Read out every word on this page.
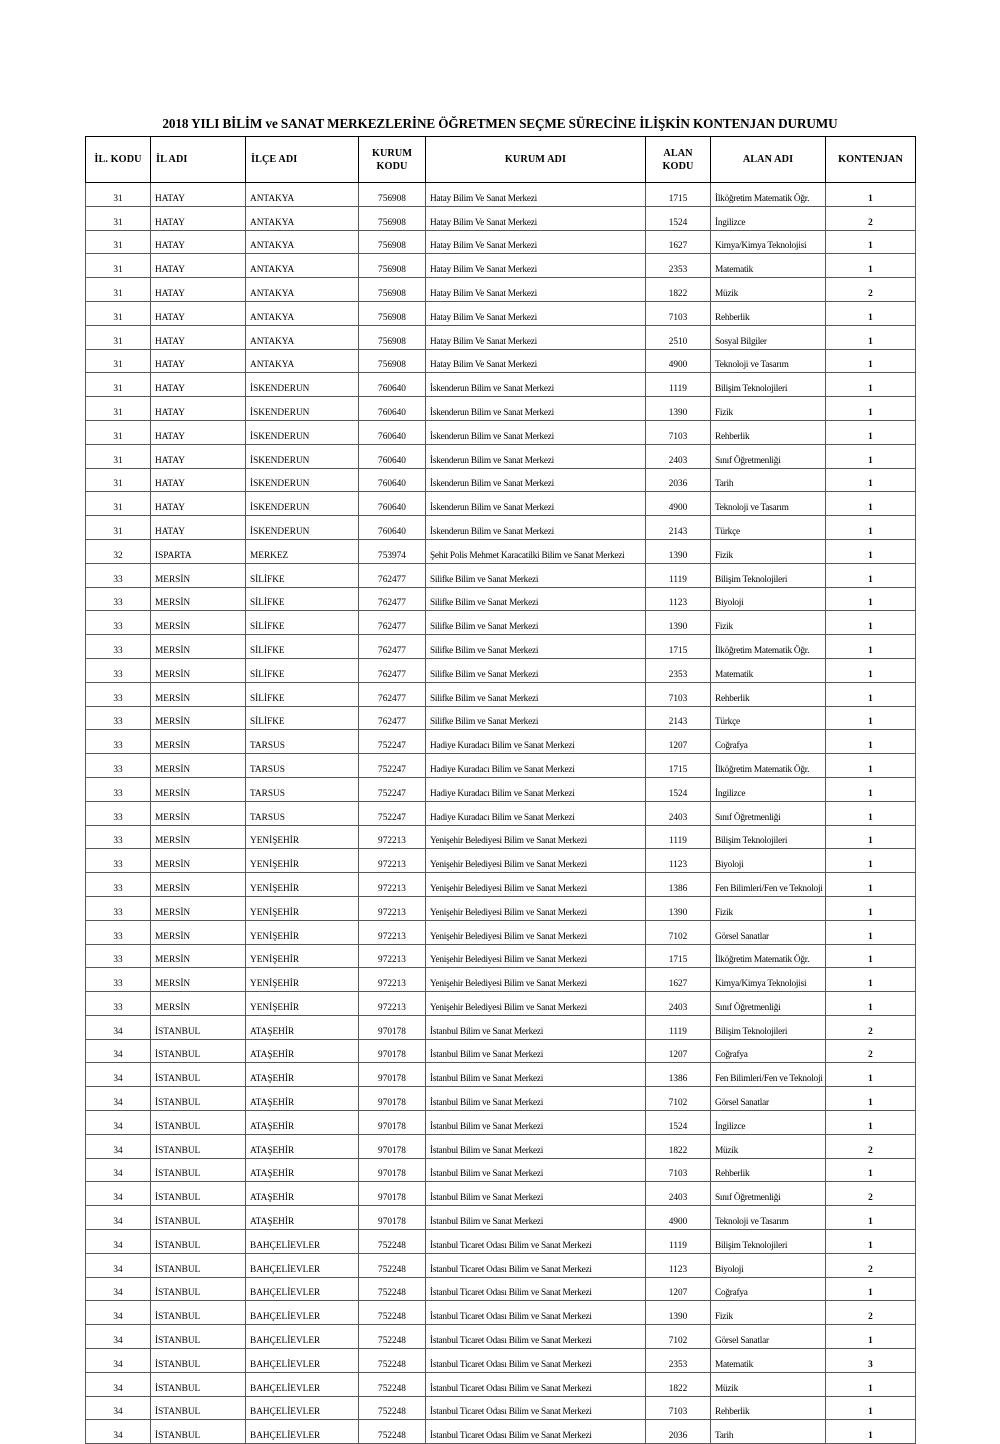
2018 YILI BİLİM ve SANAT MERKEZLERİNE ÖĞRETMEN SEÇME SÜRECİNE İLİŞKİN KONTENJAN DURUMU
İL. KODU	İL ADI	İLÇE ADI	KURUM KODU	KURUM ADI	ALAN KODU	ALAN ADI	KONTENJAN
31	HATAY	ANTAKYA	756908	Hatay Bilim Ve Sanat Merkezi	1715	İlköğretim Matematik Öğr.	1
31	HATAY	ANTAKYA	756908	Hatay Bilim Ve Sanat Merkezi	1524	İngilizce	2
31	HATAY	ANTAKYA	756908	Hatay Bilim Ve Sanat Merkezi	1627	Kimya/Kimya Teknolojisi	1
31	HATAY	ANTAKYA	756908	Hatay Bilim Ve Sanat Merkezi	2353	Matematik	1
31	HATAY	ANTAKYA	756908	Hatay Bilim Ve Sanat Merkezi	1822	Müzik	2
31	HATAY	ANTAKYA	756908	Hatay Bilim Ve Sanat Merkezi	7103	Rehberlik	1
31	HATAY	ANTAKYA	756908	Hatay Bilim Ve Sanat Merkezi	2510	Sosyal Bilgiler	1
31	HATAY	ANTAKYA	756908	Hatay Bilim Ve Sanat Merkezi	4900	Teknoloji ve Tasarım	1
31	HATAY	İSKENDERUN	760640	İskenderun Bilim ve Sanat Merkezi	1119	Bilişim Teknolojileri	1
31	HATAY	İSKENDERUN	760640	İskenderun Bilim ve Sanat Merkezi	1390	Fizik	1
31	HATAY	İSKENDERUN	760640	İskenderun Bilim ve Sanat Merkezi	7103	Rehberlik	1
31	HATAY	İSKENDERUN	760640	İskenderun Bilim ve Sanat Merkezi	2403	Sınıf Öğretmenliği	1
31	HATAY	İSKENDERUN	760640	İskenderun Bilim ve Sanat Merkezi	2036	Tarih	1
31	HATAY	İSKENDERUN	760640	İskenderun Bilim ve Sanat Merkezi	4900	Teknoloji ve Tasarım	1
31	HATAY	İSKENDERUN	760640	İskenderun Bilim ve Sanat Merkezi	2143	Türkçe	1
32	ISPARTA	MERKEZ	753974	Şehit Polis Mehmet Karacatilki Bilim ve Sanat Merkezi	1390	Fizik	1
33	MERSİN	SİLİFKE	762477	Silifke Bilim ve Sanat Merkezi	1119	Bilişim Teknolojileri	1
33	MERSİN	SİLİFKE	762477	Silifke Bilim ve Sanat Merkezi	1123	Biyoloji	1
33	MERSİN	SİLİFKE	762477	Silifke Bilim ve Sanat Merkezi	1390	Fizik	1
33	MERSİN	SİLİFKE	762477	Silifke Bilim ve Sanat Merkezi	1715	İlköğretim Matematik Öğr.	1
33	MERSİN	SİLİFKE	762477	Silifke Bilim ve Sanat Merkezi	2353	Matematik	1
33	MERSİN	SİLİFKE	762477	Silifke Bilim ve Sanat Merkezi	7103	Rehberlik	1
33	MERSİN	SİLİFKE	762477	Silifke Bilim ve Sanat Merkezi	2143	Türkçe	1
33	MERSİN	TARSUS	752247	Hadiye Kuradacı Bilim ve Sanat Merkezi	1207	Coğrafya	1
33	MERSİN	TARSUS	752247	Hadiye Kuradacı Bilim ve Sanat Merkezi	1715	İlköğretim Matematik Öğr.	1
33	MERSİN	TARSUS	752247	Hadiye Kuradacı Bilim ve Sanat Merkezi	1524	İngilizce	1
33	MERSİN	TARSUS	752247	Hadiye Kuradacı Bilim ve Sanat Merkezi	2403	Sınıf Öğretmenliği	1
33	MERSİN	YENİŞEHİR	972213	Yenişehir Belediyesi Bilim ve Sanat Merkezi	1119	Bilişim Teknolojileri	1
33	MERSİN	YENİŞEHİR	972213	Yenişehir Belediyesi Bilim ve Sanat Merkezi	1123	Biyoloji	1
33	MERSİN	YENİŞEHİR	972213	Yenişehir Belediyesi Bilim ve Sanat Merkezi	1386	Fen Bilimleri/Fen ve Teknoloji	1
33	MERSİN	YENİŞEHİR	972213	Yenişehir Belediyesi Bilim ve Sanat Merkezi	1390	Fizik	1
33	MERSİN	YENİŞEHİR	972213	Yenişehir Belediyesi Bilim ve Sanat Merkezi	7102	Görsel Sanatlar	1
33	MERSİN	YENİŞEHİR	972213	Yenişehir Belediyesi Bilim ve Sanat Merkezi	1715	İlköğretim Matematik Öğr.	1
33	MERSİN	YENİŞEHİR	972213	Yenişehir Belediyesi Bilim ve Sanat Merkezi	1627	Kimya/Kimya Teknolojisi	1
33	MERSİN	YENİŞEHİR	972213	Yenişehir Belediyesi Bilim ve Sanat Merkezi	2403	Sınıf Öğretmenliği	1
34	İSTANBUL	ATAŞEHİR	970178	İstanbul Bilim ve Sanat Merkezi	1119	Bilişim Teknolojileri	2
34	İSTANBUL	ATAŞEHİR	970178	İstanbul Bilim ve Sanat Merkezi	1207	Coğrafya	2
34	İSTANBUL	ATAŞEHİR	970178	İstanbul Bilim ve Sanat Merkezi	1386	Fen Bilimleri/Fen ve Teknoloji	1
34	İSTANBUL	ATAŞEHİR	970178	İstanbul Bilim ve Sanat Merkezi	7102	Görsel Sanatlar	1
34	İSTANBUL	ATAŞEHİR	970178	İstanbul Bilim ve Sanat Merkezi	1524	İngilizce	1
34	İSTANBUL	ATAŞEHİR	970178	İstanbul Bilim ve Sanat Merkezi	1822	Müzik	2
34	İSTANBUL	ATAŞEHİR	970178	İstanbul Bilim ve Sanat Merkezi	7103	Rehberlik	1
34	İSTANBUL	ATAŞEHİR	970178	İstanbul Bilim ve Sanat Merkezi	2403	Sınıf Öğretmenliği	2
34	İSTANBUL	ATAŞEHİR	970178	İstanbul Bilim ve Sanat Merkezi	4900	Teknoloji ve Tasarım	1
34	İSTANBUL	BAHÇELİEVLER	752248	İstanbul Ticaret Odası Bilim ve Sanat Merkezi	1119	Bilişim Teknolojileri	1
34	İSTANBUL	BAHÇELİEVLER	752248	İstanbul Ticaret Odası Bilim ve Sanat Merkezi	1123	Biyoloji	2
34	İSTANBUL	BAHÇELİEVLER	752248	İstanbul Ticaret Odası Bilim ve Sanat Merkezi	1207	Coğrafya	1
34	İSTANBUL	BAHÇELİEVLER	752248	İstanbul Ticaret Odası Bilim ve Sanat Merkezi	1390	Fizik	2
34	İSTANBUL	BAHÇELİEVLER	752248	İstanbul Ticaret Odası Bilim ve Sanat Merkezi	7102	Görsel Sanatlar	1
34	İSTANBUL	BAHÇELİEVLER	752248	İstanbul Ticaret Odası Bilim ve Sanat Merkezi	2353	Matematik	3
34	İSTANBUL	BAHÇELİEVLER	752248	İstanbul Ticaret Odası Bilim ve Sanat Merkezi	1822	Müzik	1
34	İSTANBUL	BAHÇELİEVLER	752248	İstanbul Ticaret Odası Bilim ve Sanat Merkezi	7103	Rehberlik	1
34	İSTANBUL	BAHÇELİEVLER	752248	İstanbul Ticaret Odası Bilim ve Sanat Merkezi	2036	Tarih	1
